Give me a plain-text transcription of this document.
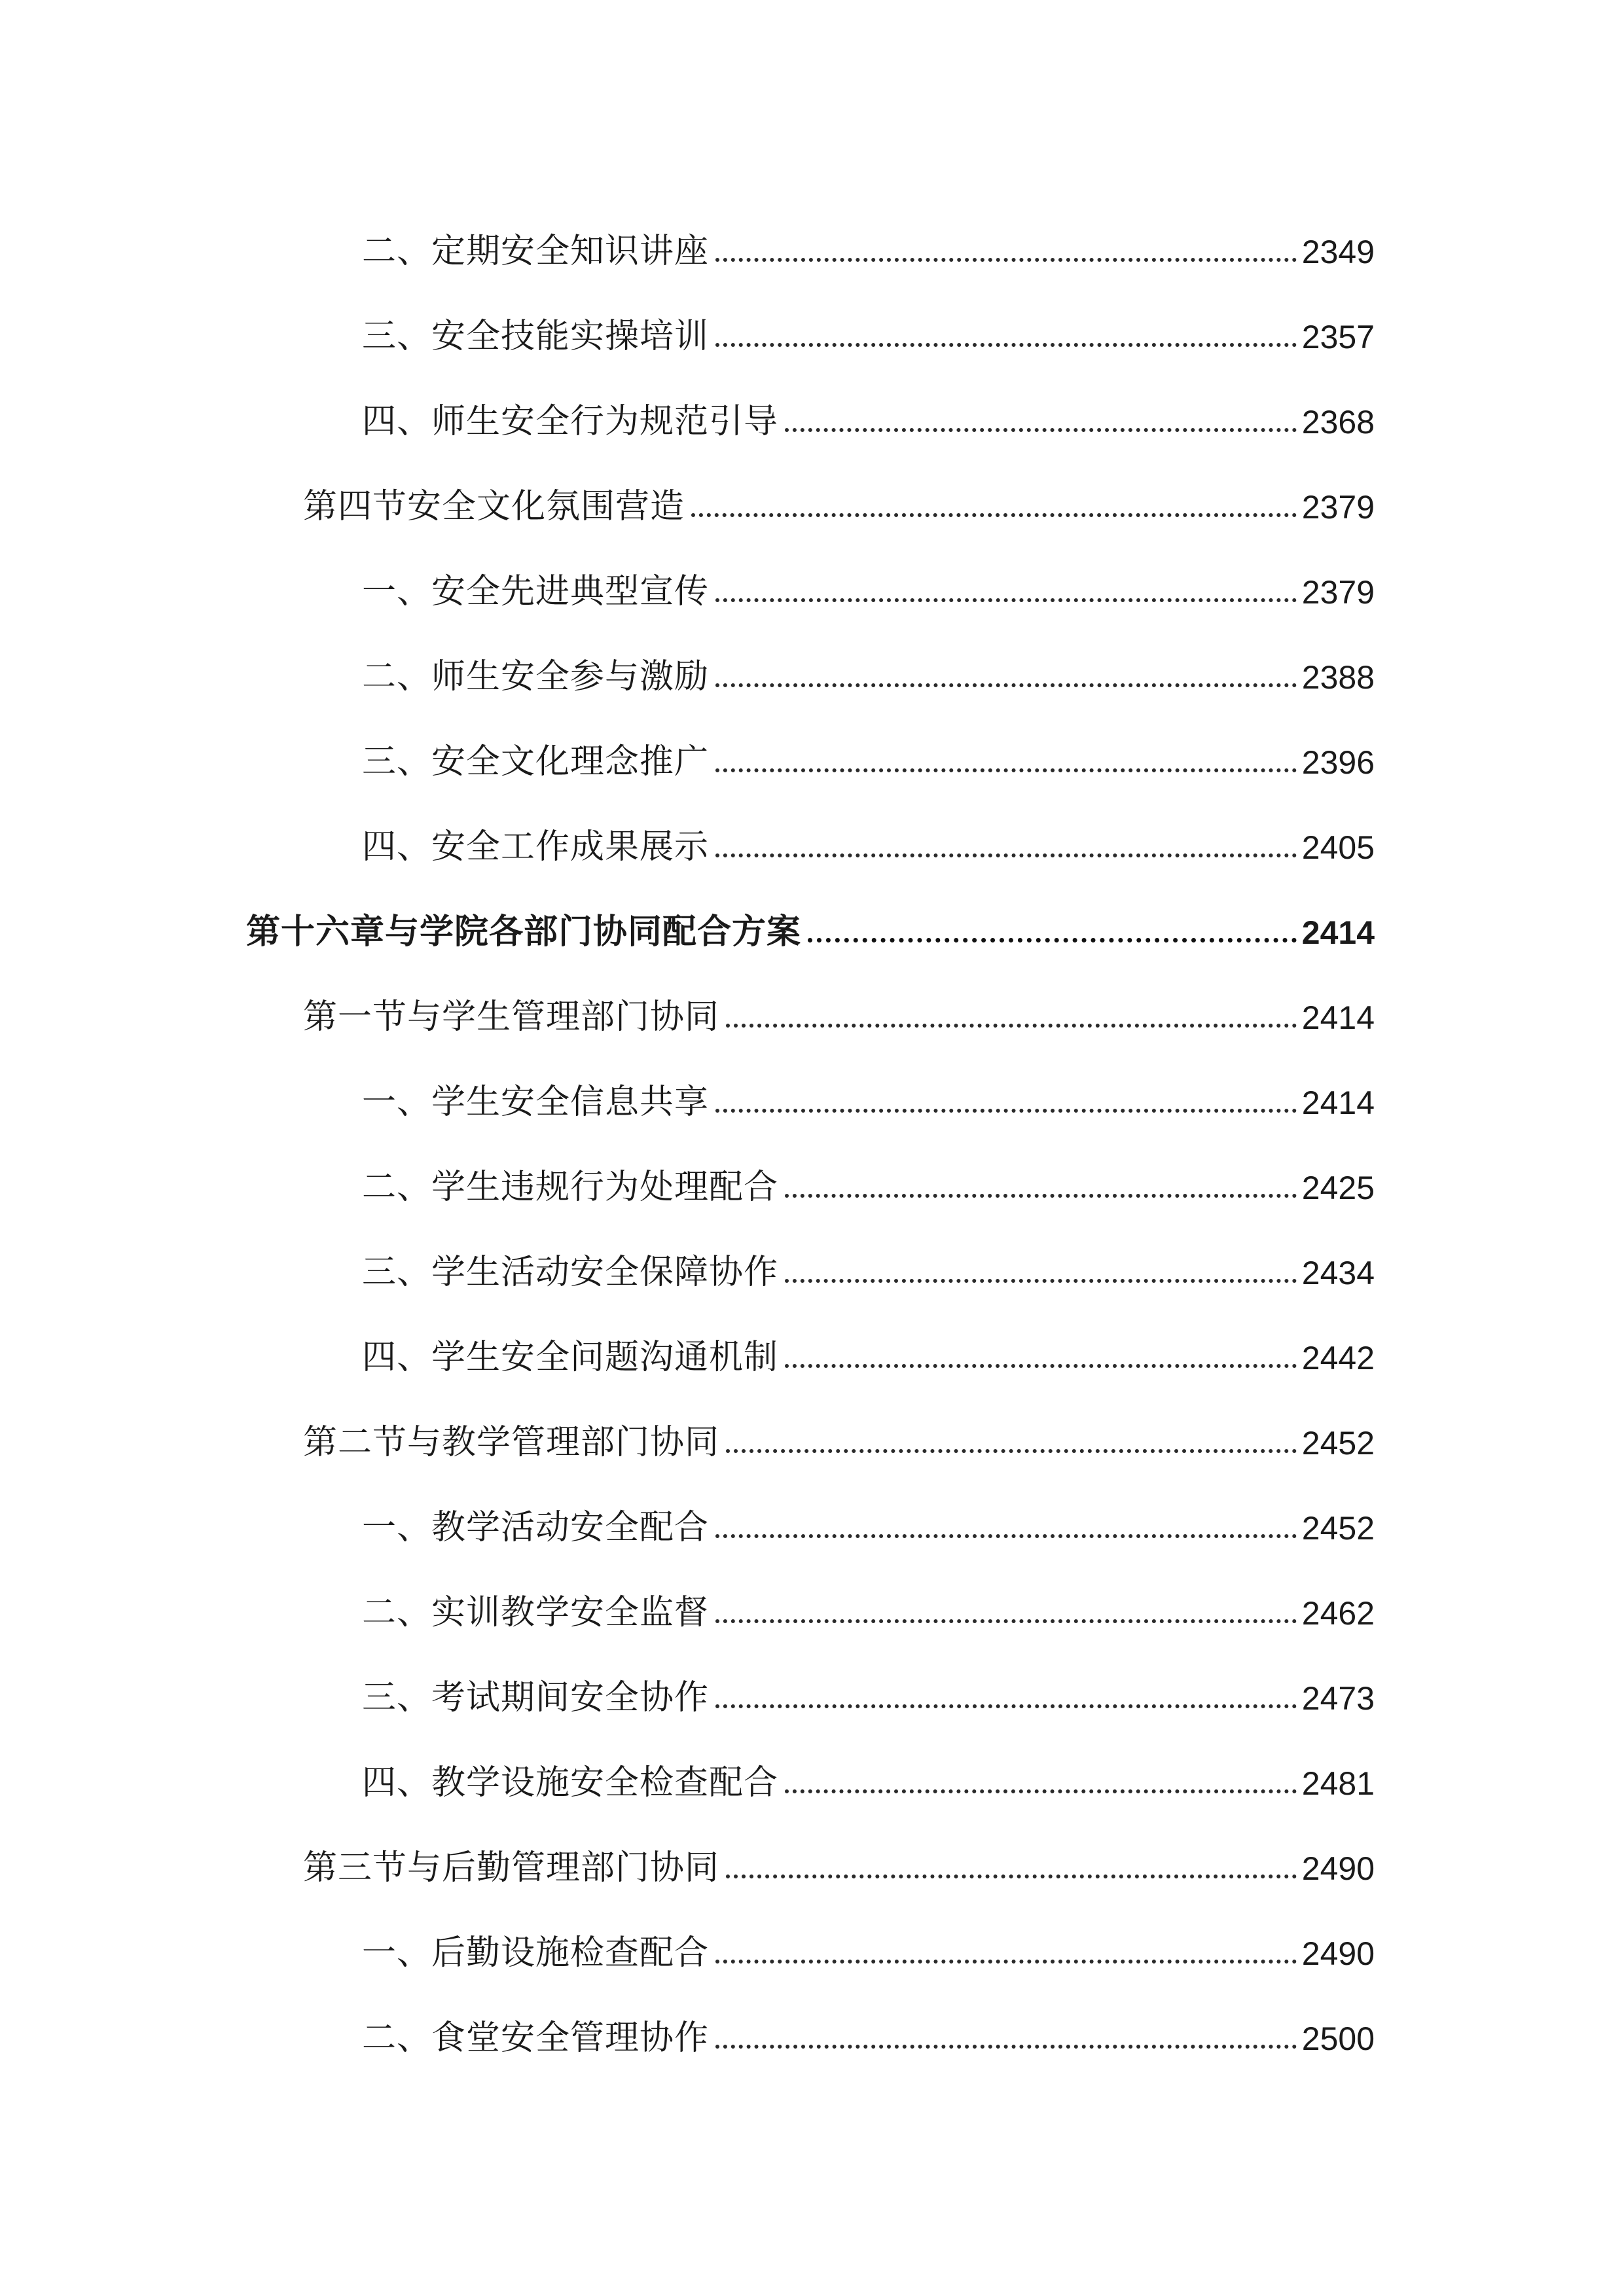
二、定期安全知识讲座	2349
三、安全技能实操培训	2357
四、师生安全行为规范引导	2368
第四节安全文化氛围营造	2379
一、安全先进典型宣传	2379
二、师生安全参与激励	2388
三、安全文化理念推广	2396
四、安全工作成果展示	2405
第十六章与学院各部门协同配合方案	2414
第一节与学生管理部门协同	2414
一、学生安全信息共享	2414
二、学生违规行为处理配合	2425
三、学生活动安全保障协作	2434
四、学生安全问题沟通机制	2442
第二节与教学管理部门协同	2452
一、教学活动安全配合	2452
二、实训教学安全监督	2462
三、考试期间安全协作	2473
四、教学设施安全检查配合	2481
第三节与后勤管理部门协同	2490
一、后勤设施检查配合	2490
二、食堂安全管理协作	2500
